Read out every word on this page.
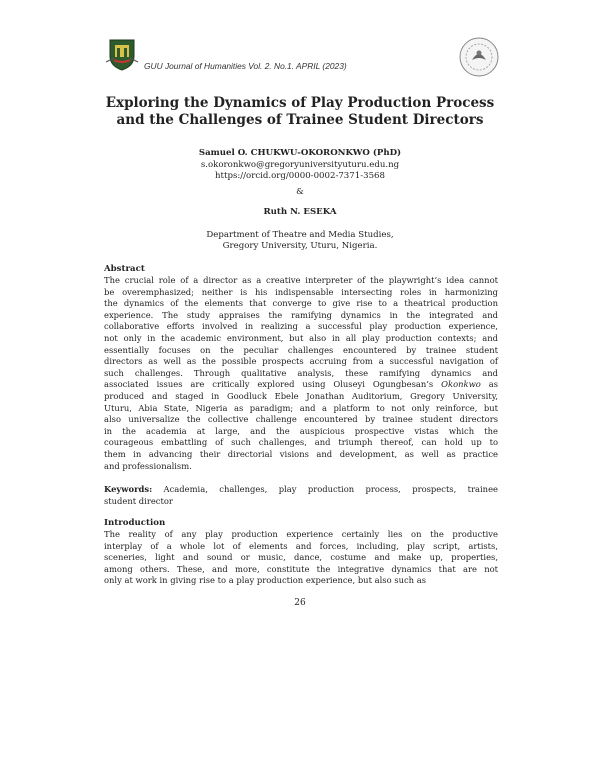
GUU Journal of Humanities Vol. 2. No.1. APRIL (2023)
Exploring the Dynamics of Play Production Process
and the Challenges of Trainee Student Directors
Samuel O. CHUKWU-OKORONKWO (PhD)
s.okoronkwo@gregoryuniversityuturu.edu.ng
https://orcid.org/0000-0002-7371-3568
&
Ruth N. ESEKA
Department of Theatre and Media Studies,
Gregory University, Uturu, Nigeria.
Abstract
The crucial role of a director as a creative interpreter of the playwright’s idea cannot
be overemphasized; neither is his indispensable intersecting roles in harmonizing
the dynamics of the elements that converge to give rise to a theatrical production
experience. The study appraises the ramifying dynamics in the integrated and
collaborative efforts involved in realizing a successful play production experience,
not only in the academic environment, but also in all play production contexts; and
essentially focuses on the peculiar challenges encountered by trainee student
directors as well as the possible prospects accruing from a successful navigation of
such challenges. Through qualitative analysis, these ramifying dynamics and
associated issues are critically explored using Oluseyi Ogungbesan’s Okonkwo as
produced and staged in Goodluck Ebele Jonathan Auditorium, Gregory University,
Uturu, Abia State, Nigeria as paradigm; and a platform to not only reinforce, but
also universalize the collective challenge encountered by trainee student directors
in the academia at large, and the auspicious prospective vistas which the
courageous embattling of such challenges, and triumph thereof, can hold up to
them in advancing their directorial visions and development, as well as practice
and professionalism.
Keywords: Academia, challenges, play production process, prospects, trainee
student director
Introduction
The reality of any play production experience certainly lies on the productive
interplay of a whole lot of elements and forces, including, play script, artists,
sceneries, light and sound or music, dance, costume and make up, properties,
among others. These, and more, constitute the integrative dynamics that are not
only at work in giving rise to a play production experience, but also such as
26
